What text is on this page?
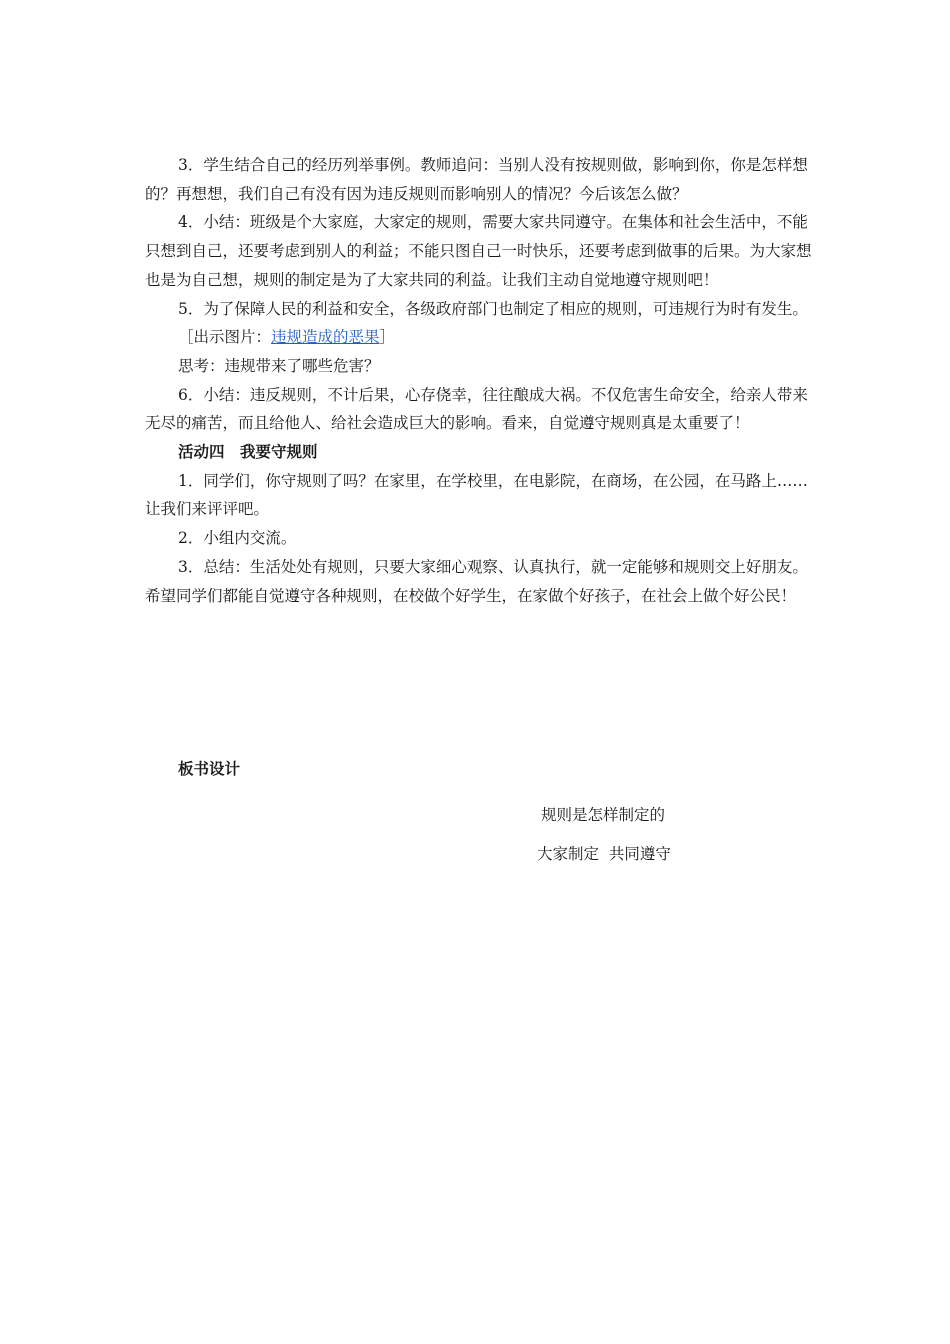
3．学生结合自己的经历列举事例。教师追问：当别人没有按规则做，影响到你，你是怎样想的？再想想，我们自己有没有因为违反规则而影响别人的情况？今后该怎么做？

4．小结：班级是个大家庭，大家定的规则，需要大家共同遵守。在集体和社会生活中，不能只想到自己，还要考虑到别人的利益；不能只图自己一时快乐，还要考虑到做事的后果。为大家想也是为自己想，规则的制定是为了大家共同的利益。让我们主动自觉地遵守规则吧！

5．为了保障人民的利益和安全，各级政府部门也制定了相应的规则，可违规行为时有发生。

［出示图片：违规造成的恶果］

思考：违规带来了哪些危害？

6．小结：违反规则，不计后果，心存侥幸，往往酿成大祸。不仅危害生命安全，给亲人带来无尽的痛苦，而且给他人、给社会造成巨大的影响。看来，自觉遵守规则真是太重要了！

活动四　我要守规则

1．同学们，你守规则了吗？在家里，在学校里，在电影院，在商场，在公园，在马路上……让我们来评评吧。

2．小组内交流。

3．总结：生活处处有规则，只要大家细心观察、认真执行，就一定能够和规则交上好朋友。希望同学们都能自觉遵守各种规则，在校做个好学生，在家做个好孩子，在社会上做个好公民！

板书设计
规则是怎样制定的
大家制定  共同遵守
